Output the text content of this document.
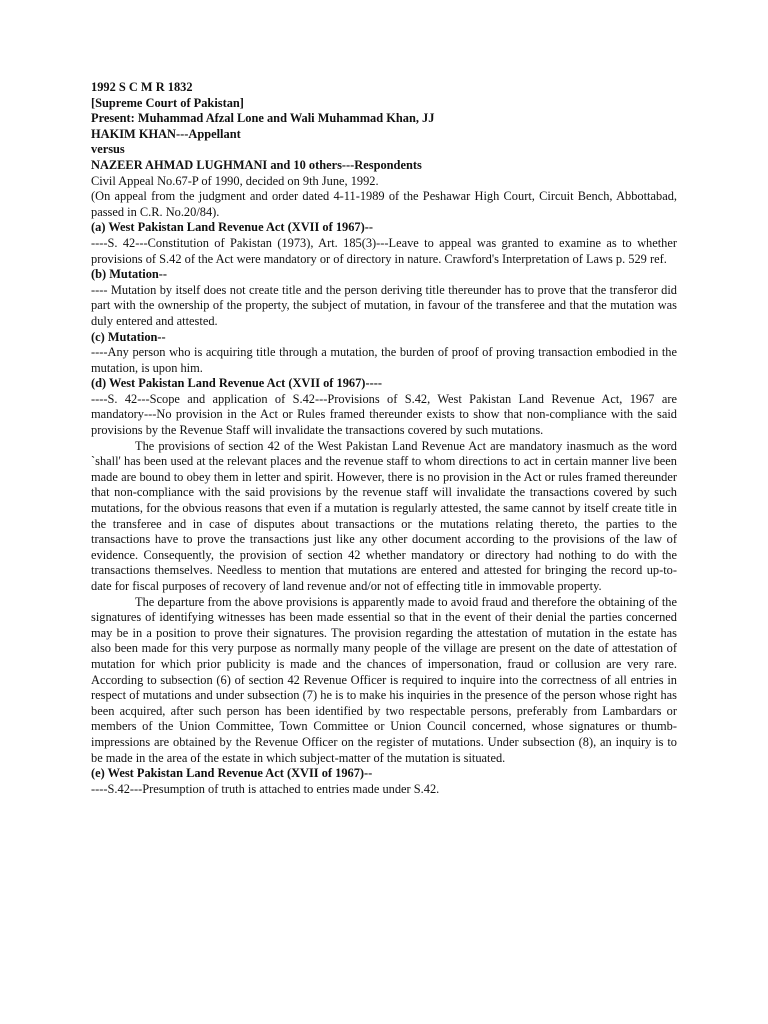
1992 S C M R 1832
[Supreme Court of Pakistan]
Present: Muhammad Afzal Lone and Wali Muhammad Khan, JJ
HAKIM KHAN---Appellant
versus
NAZEER AHMAD LUGHMANI and 10 others---Respondents
Civil Appeal No.67-P of 1990, decided on 9th June, 1992.
(On appeal from the judgment and order dated 4-11-1989 of the Peshawar High Court, Circuit Bench, Abbottabad, passed in C.R. No.20/84).
(a) West Pakistan Land Revenue Act (XVII of 1967)--
----S. 42---Constitution of Pakistan (1973), Art. 185(3)---Leave to appeal was granted to examine as to whether provisions of S.42 of the Act were mandatory or of directory in nature. Crawford's Interpretation of Laws p. 529 ref.
(b) Mutation--
---- Mutation by itself does not create title and the person deriving title thereunder has to prove that the transferor did part with the ownership of the property, the subject of mutation, in favour of the transferee and that the mutation was duly entered and attested.
(c) Mutation--
----Any person who is acquiring title through a mutation, the burden of proof of proving transaction embodied in the mutation, is upon him.
(d) West Pakistan Land Revenue Act (XVII of 1967)----
----S. 42---Scope and application of S.42---Provisions of S.42, West Pakistan Land Revenue Act, 1967 are mandatory---No provision in the Act or Rules framed thereunder exists to show that non-compliance with the said provisions by the Revenue Staff will invalidate the transactions covered by such mutations.
The provisions of section 42 of the West Pakistan Land Revenue Act are mandatory inasmuch as the word `shall' has been used at the relevant places and the revenue staff to whom directions to act in certain manner live been made are bound to obey them in letter and spirit. However, there is no provision in the Act or rules framed thereunder that non-compliance with the said provisions by the revenue staff will invalidate the transactions covered by such mutations, for the obvious reasons that even if a mutation is regularly attested, the same cannot by itself create title in the transferee and in case of disputes about transactions or the mutations relating thereto, the parties to the transactions have to prove the transactions just like any other document according to the provisions of the law of evidence. Consequently, the provision of section 42 whether mandatory or directory had nothing to do with the transactions themselves. Needless to mention that mutations are entered and attested for bringing the record up-to-date for fiscal purposes of recovery of land revenue and/or not of effecting title in immovable property.
The departure from the above provisions is apparently made to avoid fraud and therefore the obtaining of the signatures of identifying witnesses has been made essential so that in the event of their denial the parties concerned may be in a position to prove their signatures. The provision regarding the attestation of mutation in the estate has also been made for this very purpose as normally many people of the village are present on the date of attestation of mutation for which prior publicity is made and the chances of impersonation, fraud or collusion are very rare. According to subsection (6) of section 42 Revenue Officer is required to inquire into the correctness of all entries in respect of mutations and under subsection (7) he is to make his inquiries in the presence of the person whose right has been acquired, after such person has been identified by two respectable persons, preferably from Lambardars or members of the Union Committee, Town Committee or Union Council concerned, whose signatures or thumb-impressions are obtained by the Revenue Officer on the register of mutations. Under subsection (8), an inquiry is to be made in the area of the estate in which subject-matter of the mutation is situated.
(e) West Pakistan Land Revenue Act (XVII of 1967)--
----S.42---Presumption of truth is attached to entries made under S.42.
